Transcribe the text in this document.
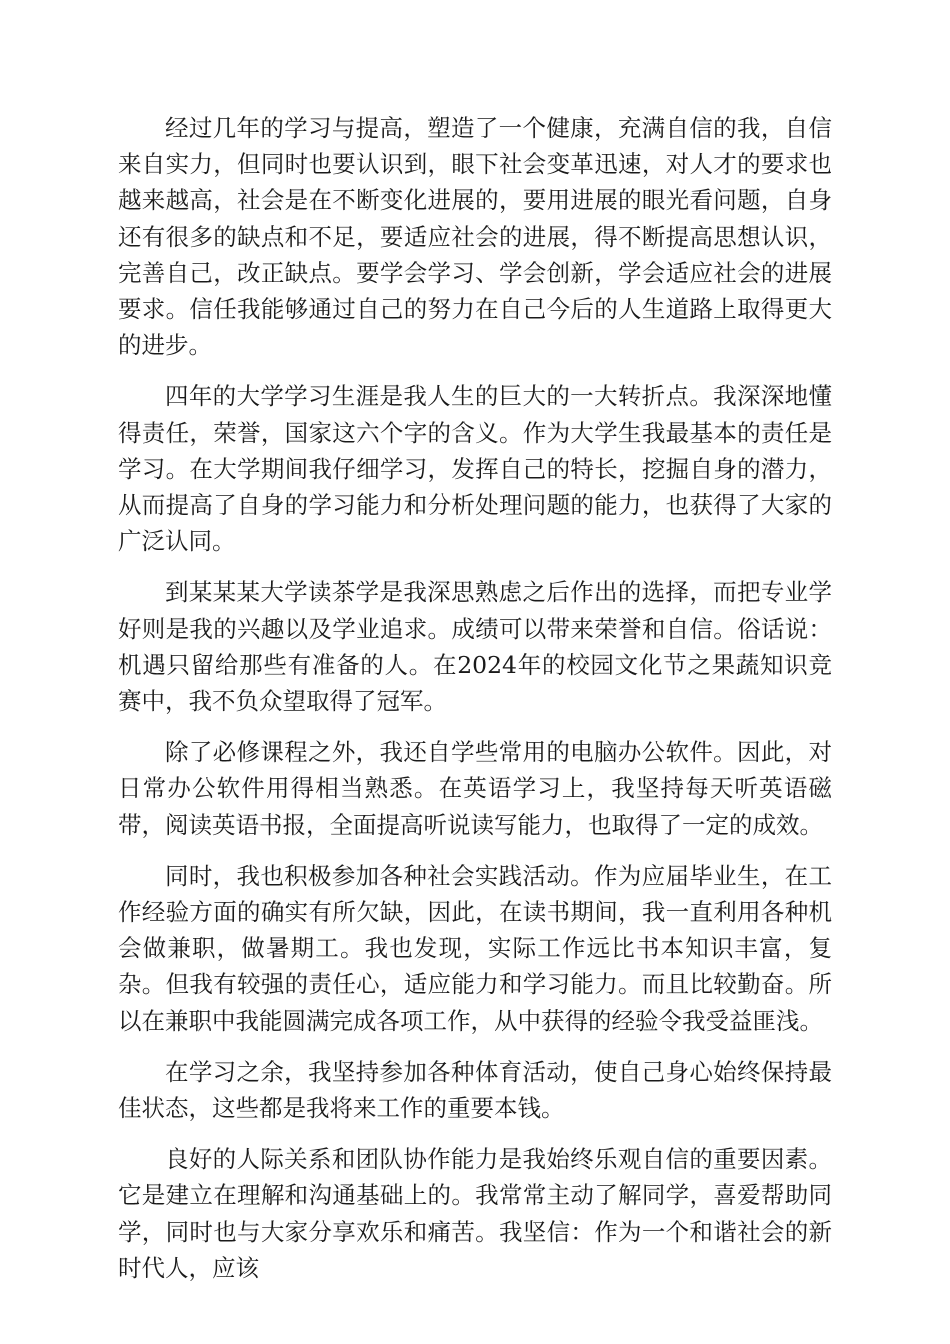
经过几年的学习与提高，塑造了一个健康，充满自信的我，自信来自实力，但同时也要认识到，眼下社会变革迅速，对人才的要求也越来越高，社会是在不断变化进展的，要用进展的眼光看问题，自身还有很多的缺点和不足，要适应社会的进展，得不断提高思想认识，完善自己，改正缺点。要学会学习、学会创新，学会适应社会的进展要求。信任我能够通过自己的努力在自己今后的人生道路上取得更大的进步。

四年的大学学习生涯是我人生的巨大的一大转折点。我深深地懂得责任，荣誉，国家这六个字的含义。作为大学生我最基本的责任是学习。在大学期间我仔细学习，发挥自己的特长，挖掘自身的潜力，从而提高了自身的学习能力和分析处理问题的能力，也获得了大家的广泛认同。

到某某某大学读茶学是我深思熟虑之后作出的选择，而把专业学好则是我的兴趣以及学业追求。成绩可以带来荣誉和自信。俗话说：机遇只留给那些有准备的人。在2024年的校园文化节之果蔬知识竞赛中，我不负众望取得了冠军。

除了必修课程之外，我还自学些常用的电脑办公软件。因此，对日常办公软件用得相当熟悉。在英语学习上，我坚持每天听英语磁带，阅读英语书报，全面提高听说读写能力，也取得了一定的成效。

同时，我也积极参加各种社会实践活动。作为应届毕业生，在工作经验方面的确实有所欠缺，因此，在读书期间，我一直利用各种机会做兼职，做暑期工。我也发现，实际工作远比书本知识丰富，复杂。但我有较强的责任心，适应能力和学习能力。而且比较勤奋。所以在兼职中我能圆满完成各项工作，从中获得的经验令我受益匪浅。

在学习之余，我坚持参加各种体育活动，使自己身心始终保持最佳状态，这些都是我将来工作的重要本钱。

良好的人际关系和团队协作能力是我始终乐观自信的重要因素。它是建立在理解和沟通基础上的。我常常主动了解同学，喜爱帮助同学，同时也与大家分享欢乐和痛苦。我坚信：作为一个和谐社会的新时代人，应该
